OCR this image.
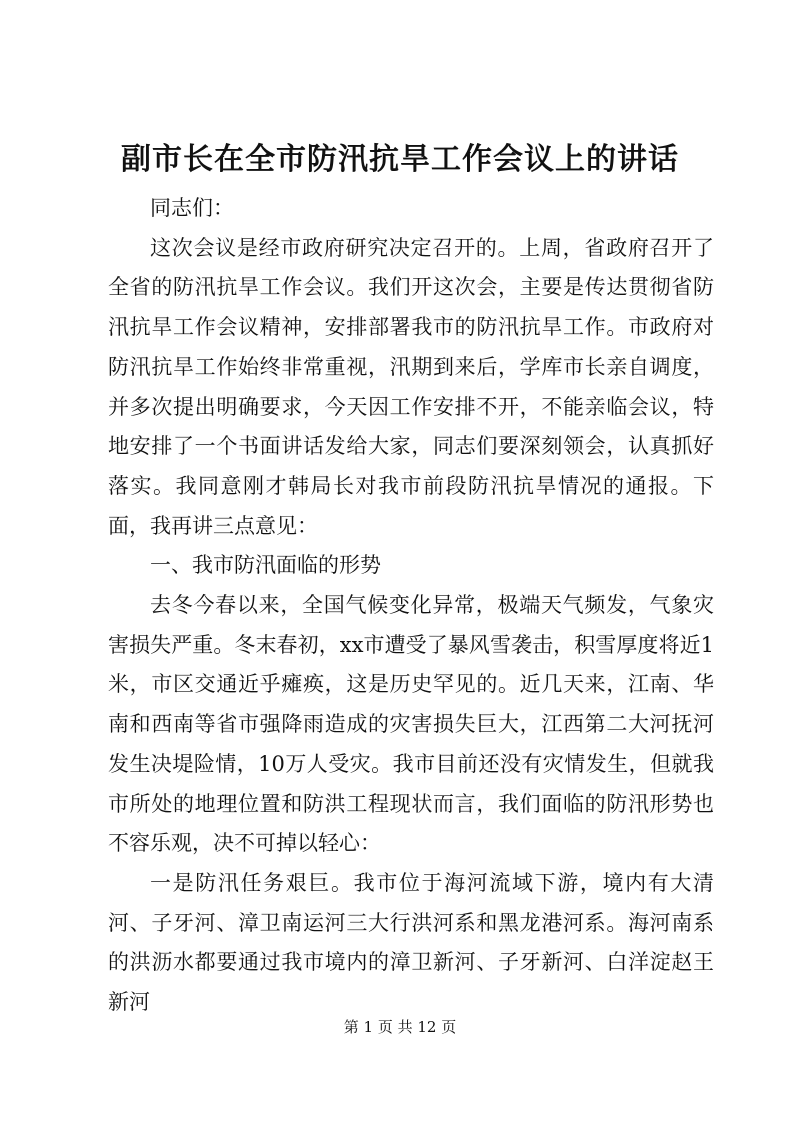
副市长在全市防汛抗旱工作会议上的讲话

同志们：

这次会议是经市政府研究决定召开的。上周，省政府召开了全省的防汛抗旱工作会议。我们开这次会，主要是传达贯彻省防汛抗旱工作会议精神，安排部署我市的防汛抗旱工作。市政府对防汛抗旱工作始终非常重视，汛期到来后，学库市长亲自调度，并多次提出明确要求，今天因工作安排不开，不能亲临会议，特地安排了一个书面讲话发给大家，同志们要深刻领会，认真抓好落实。我同意刚才韩局长对我市前段防汛抗旱情况的通报。下面，我再讲三点意见：

一、我市防汛面临的形势

去冬今春以来，全国气候变化异常，极端天气频发，气象灾害损失严重。冬末春初，xx市遭受了暴风雪袭击，积雪厚度将近1米，市区交通近乎瘫痪，这是历史罕见的。近几天来，江南、华南和西南等省市强降雨造成的灾害损失巨大，江西第二大河抚河发生决堤险情，10万人受灾。我市目前还没有灾情发生，但就我市所处的地理位置和防洪工程现状而言，我们面临的防汛形势也不容乐观，决不可掉以轻心：

一是防汛任务艰巨。我市位于海河流域下游，境内有大清河、子牙河、漳卫南运河三大行洪河系和黑龙港河系。海河南系的洪沥水都要通过我市境内的漳卫新河、子牙新河、白洋淀赵王新河

第 1 页 共 12 页
